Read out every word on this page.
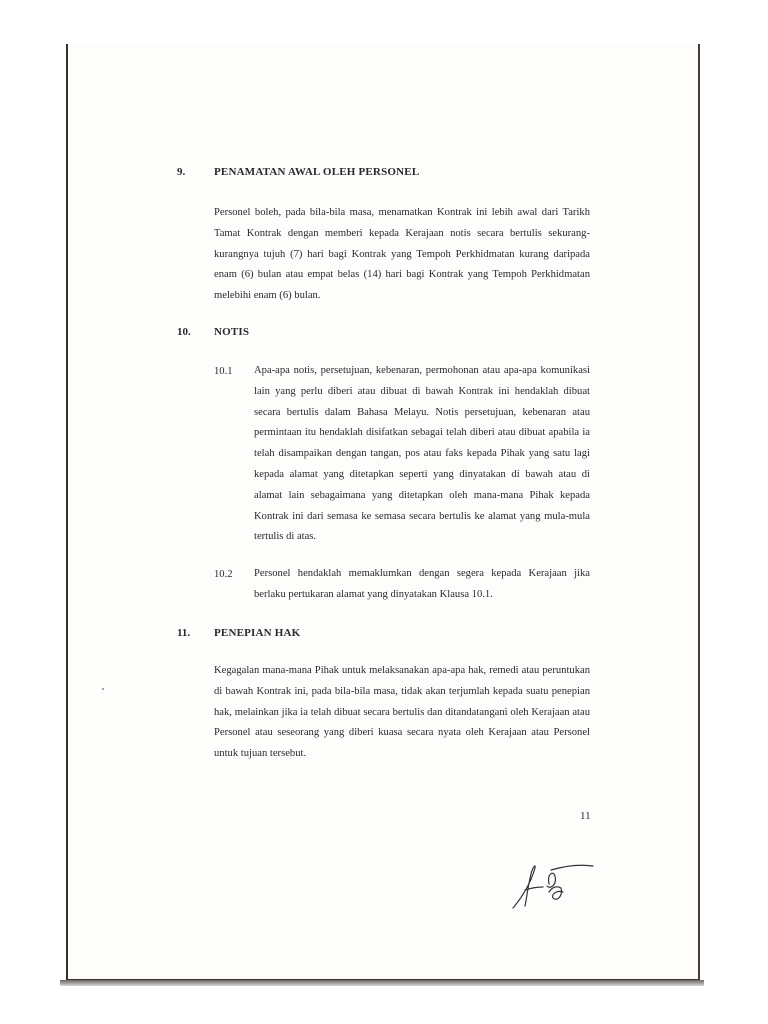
9.	PENAMATAN AWAL OLEH PERSONEL
Personel boleh, pada bila-bila masa, menamatkan Kontrak ini lebih awal dari Tarikh Tamat Kontrak dengan memberi kepada Kerajaan notis secara bertulis sekurang-kurangnya tujuh (7) hari bagi Kontrak yang Tempoh Perkhidmatan kurang daripada enam (6) bulan atau empat belas (14) hari bagi Kontrak yang Tempoh Perkhidmatan melebihi enam (6) bulan.
10. NOTIS
10.1 Apa-apa notis, persetujuan, kebenaran, permohonan atau apa-apa komunikasi lain yang perlu diberi atau dibuat di bawah Kontrak ini hendaklah dibuat secara bertulis dalam Bahasa Melayu. Notis persetujuan, kebenaran atau permintaan itu hendaklah disifatkan sebagai telah diberi atau dibuat apabila ia telah disampaikan dengan tangan, pos atau faks kepada Pihak yang satu lagi kepada alamat yang ditetapkan seperti yang dinyatakan di bawah atau di alamat lain sebagaimana yang ditetapkan oleh mana-mana Pihak kepada Kontrak ini dari semasa ke semasa secara bertulis ke alamat yang mula-mula tertulis di atas.
10.2 Personel hendaklah memaklumkan dengan segera kepada Kerajaan jika berlaku pertukaran alamat yang dinyatakan Klausa 10.1.
11. PENEPIAN HAK
Kegagalan mana-mana Pihak untuk melaksanakan apa-apa hak, remedi atau peruntukan di bawah Kontrak ini, pada bila-bila masa, tidak akan terjumlah kepada suatu penepian hak, melainkan jika ia telah dibuat secara bertulis dan ditandatangani oleh Kerajaan atau Personel atau seseorang yang diberi kuasa secara nyata oleh Kerajaan atau Personel untuk tujuan tersebut.
11
